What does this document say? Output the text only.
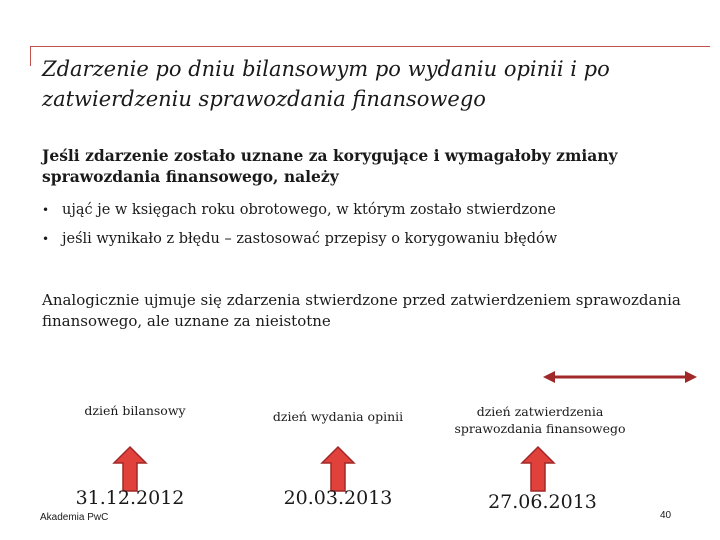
Zdarzenie po dniu bilansowym po wydaniu opinii i po zatwierdzeniu sprawozdania finansowego

Jeśli zdarzenie zostało uznane za korygujące i wymagałoby zmiany sprawozdania finansowego, należy

• ująć je w księgach roku obrotowego, w którym zostało stwierdzone
• jeśli wynikało z błędu – zastosować przepisy o korygowaniu błędów

Analogicznie ujmuje się zdarzenia stwierdzone przed zatwierdzeniem sprawozdania finansowego, ale uznane za nieistotne

dzień bilansowy
31.12.2012
dzień wydania opinii
20.03.2013
dzień zatwierdzenia sprawozdania finansowego
27.06.2013
Akademia PwC	40
